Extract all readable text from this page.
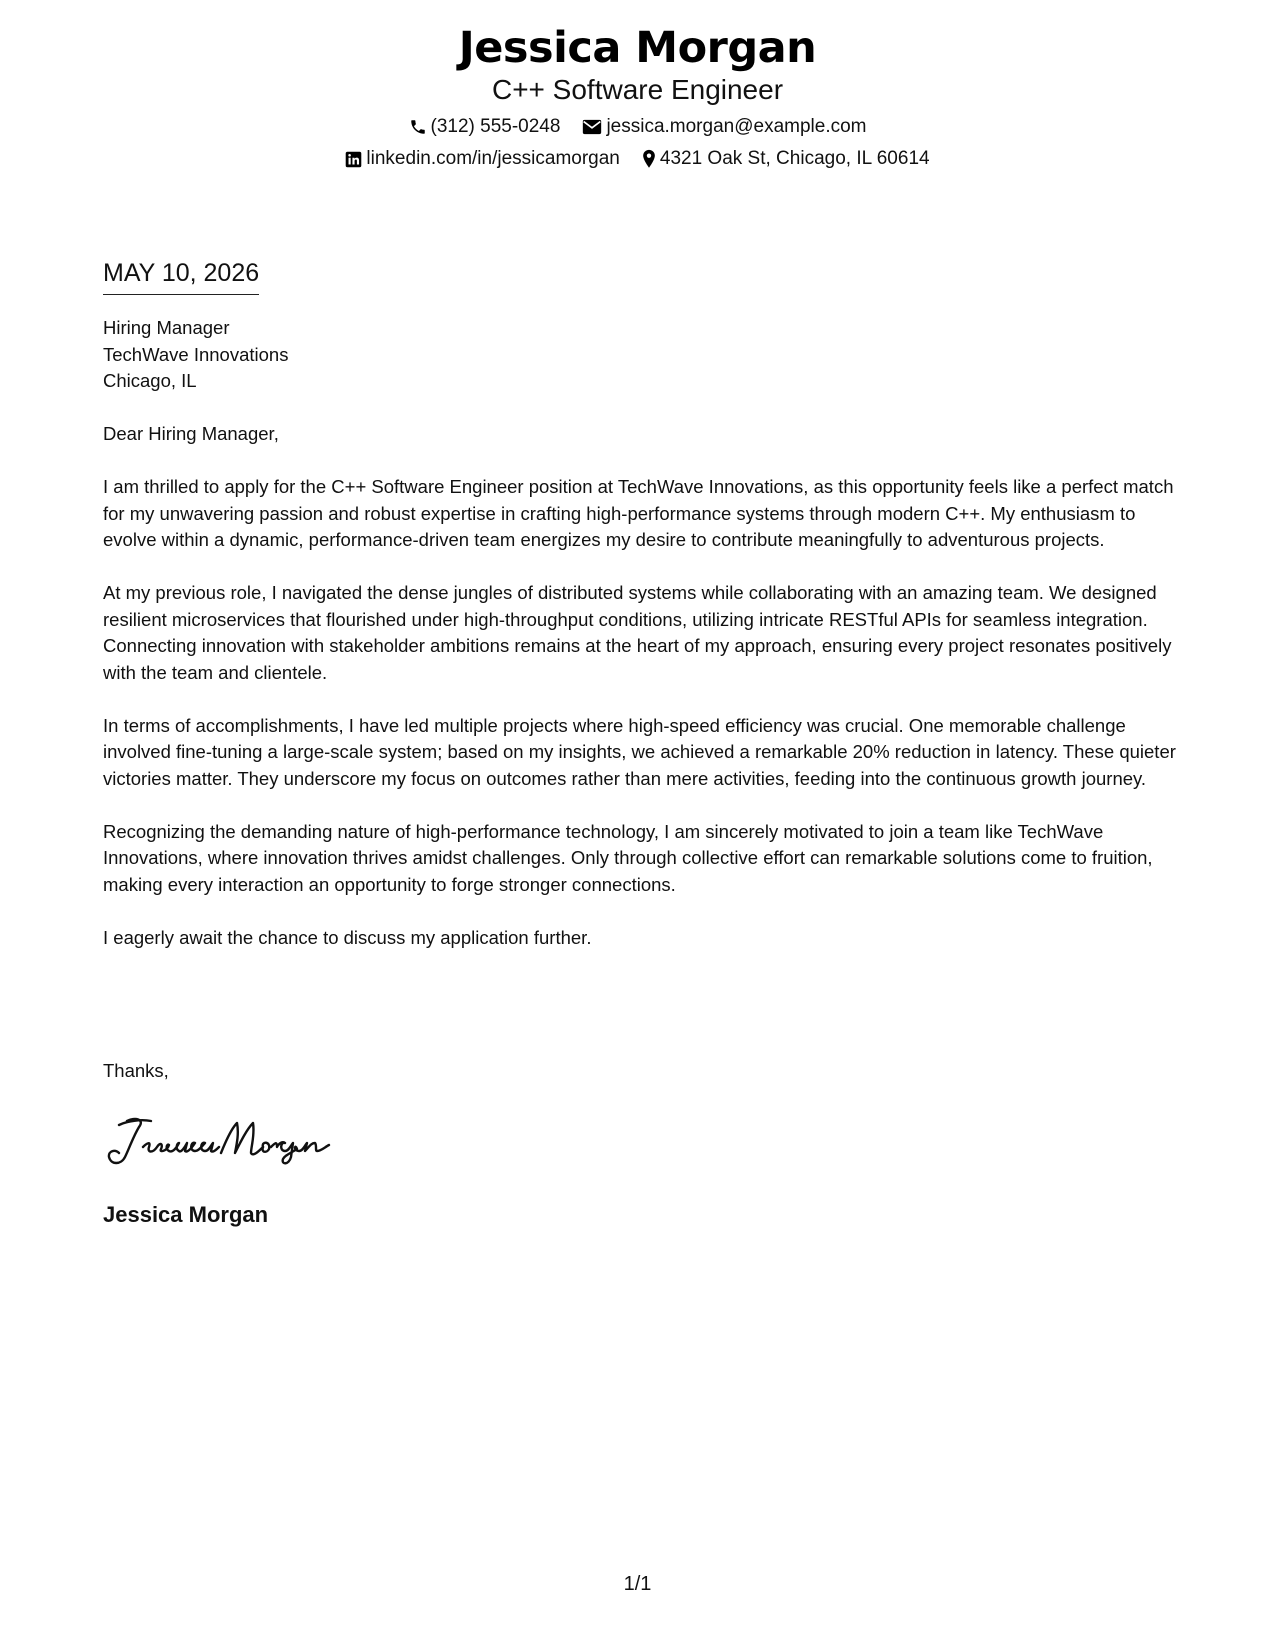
Jessica Morgan
C++ Software Engineer
(312) 555-0248 jessica.morgan@example.com
linkedin.com/in/jessicamorgan 4321 Oak St, Chicago, IL 60614
MAY 10, 2026
Hiring Manager
TechWave Innovations
Chicago, IL

Dear Hiring Manager,

I am thrilled to apply for the C++ Software Engineer position at TechWave Innovations, as this opportunity feels like a perfect match for my unwavering passion and robust expertise in crafting high-performance systems through modern C++. My enthusiasm to evolve within a dynamic, performance-driven team energizes my desire to contribute meaningfully to adventurous projects.

At my previous role, I navigated the dense jungles of distributed systems while collaborating with an amazing team. We designed resilient microservices that flourished under high-throughput conditions, utilizing intricate RESTful APIs for seamless integration. Connecting innovation with stakeholder ambitions remains at the heart of my approach, ensuring every project resonates positively with the team and clientele.

In terms of accomplishments, I have led multiple projects where high-speed efficiency was crucial. One memorable challenge involved fine-tuning a large-scale system; based on my insights, we achieved a remarkable 20% reduction in latency. These quieter victories matter. They underscore my focus on outcomes rather than mere activities, feeding into the continuous growth journey.

Recognizing the demanding nature of high-performance technology, I am sincerely motivated to join a team like TechWave Innovations, where innovation thrives amidst challenges. Only through collective effort can remarkable solutions come to fruition, making every interaction an opportunity to forge stronger connections.

I eagerly await the chance to discuss my application further.

Thanks,
Jessica Morgan
1/1
